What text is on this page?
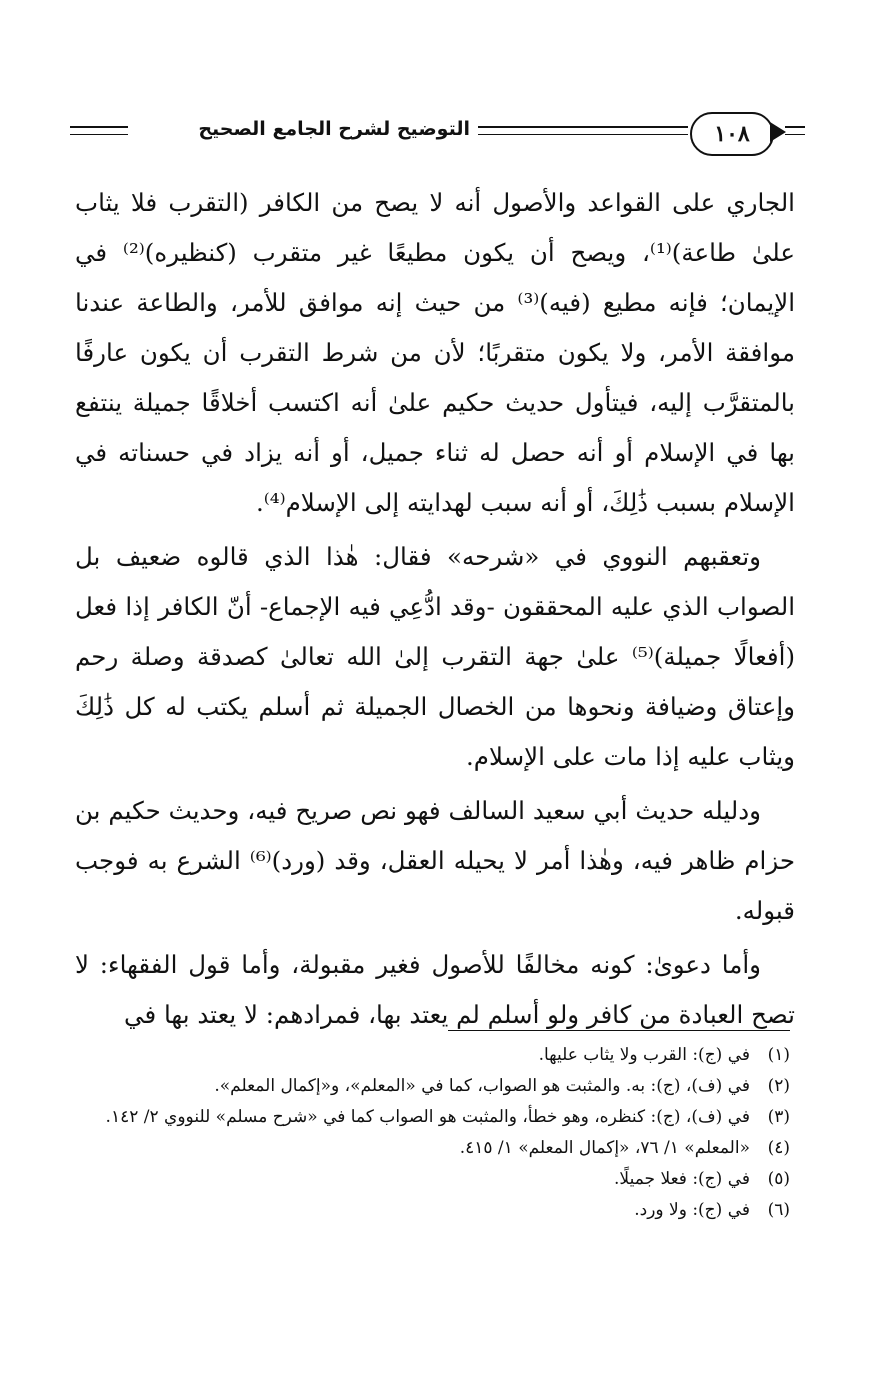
التوضيح لشرح الجامع الصحيح	١٠٨

الجاري على القواعد والأصول أنه لا يصح من الكافر (التقرب فلا يثاب علىٰ طاعة)⁽¹⁾، ويصح أن يكون مطيعًا غير متقرب (كنظيره)⁽²⁾ في الإيمان؛ فإنه مطيع (فيه)⁽³⁾ من حيث إنه موافق للأمر، والطاعة عندنا موافقة الأمر، ولا يكون متقربًا؛ لأن من شرط التقرب أن يكون عارفًا بالمتقرَّب إليه، فيتأول حديث حكيم علىٰ أنه اكتسب أخلاقًا جميلة ينتفع بها في الإسلام أو أنه حصل له ثناء جميل، أو أنه يزاد في حسناته في الإسلام بسبب ذَٰلِكَ، أو أنه سبب لهدايته إلى الإسلام⁽⁴⁾.

وتعقبهم النووي في «شرحه» فقال: هٰذا الذي قالوه ضعيف بل الصواب الذي عليه المحققون -وقد ادُّعِي فيه الإجماع- أنّ الكافر إذا فعل (أفعالًا جميلة)⁽⁵⁾ علىٰ جهة التقرب إلىٰ الله تعالىٰ كصدقة وصلة رحم وإعتاق وضيافة ونحوها من الخصال الجميلة ثم أسلم يكتب له كل ذَٰلِكَ ويثاب عليه إذا مات على الإسلام.

ودليله حديث أبي سعيد السالف فهو نص صريح فيه، وحديث حكيم بن حزام ظاهر فيه، وهٰذا أمر لا يحيله العقل، وقد (ورد)⁽⁶⁾ الشرع به فوجب قبوله.

وأما دعوىٰ: كونه مخالفًا للأصول فغير مقبولة، وأما قول الفقهاء: لا تصح العبادة من كافر ولو أسلم لم يعتد بها، فمرادهم: لا يعتد بها في

(١)
في (ج): القرب ولا يثاب عليها.
(٢)
في (ف)، (ج): به. والمثبت هو الصواب، كما في «المعلم»، و«إكمال المعلم».
(٣)
في (ف)، (ج): كنظره، وهو خطأ، والمثبت هو الصواب كما في «شرح مسلم» للنووي ٢/ ١٤٢.
(٤)
«المعلم» ١/ ٧٦، «إكمال المعلم» ١/ ٤١٥.
(٥)
في (ج): فعلا جميلًا.
(٦)
في (ج): ولا ورد.
